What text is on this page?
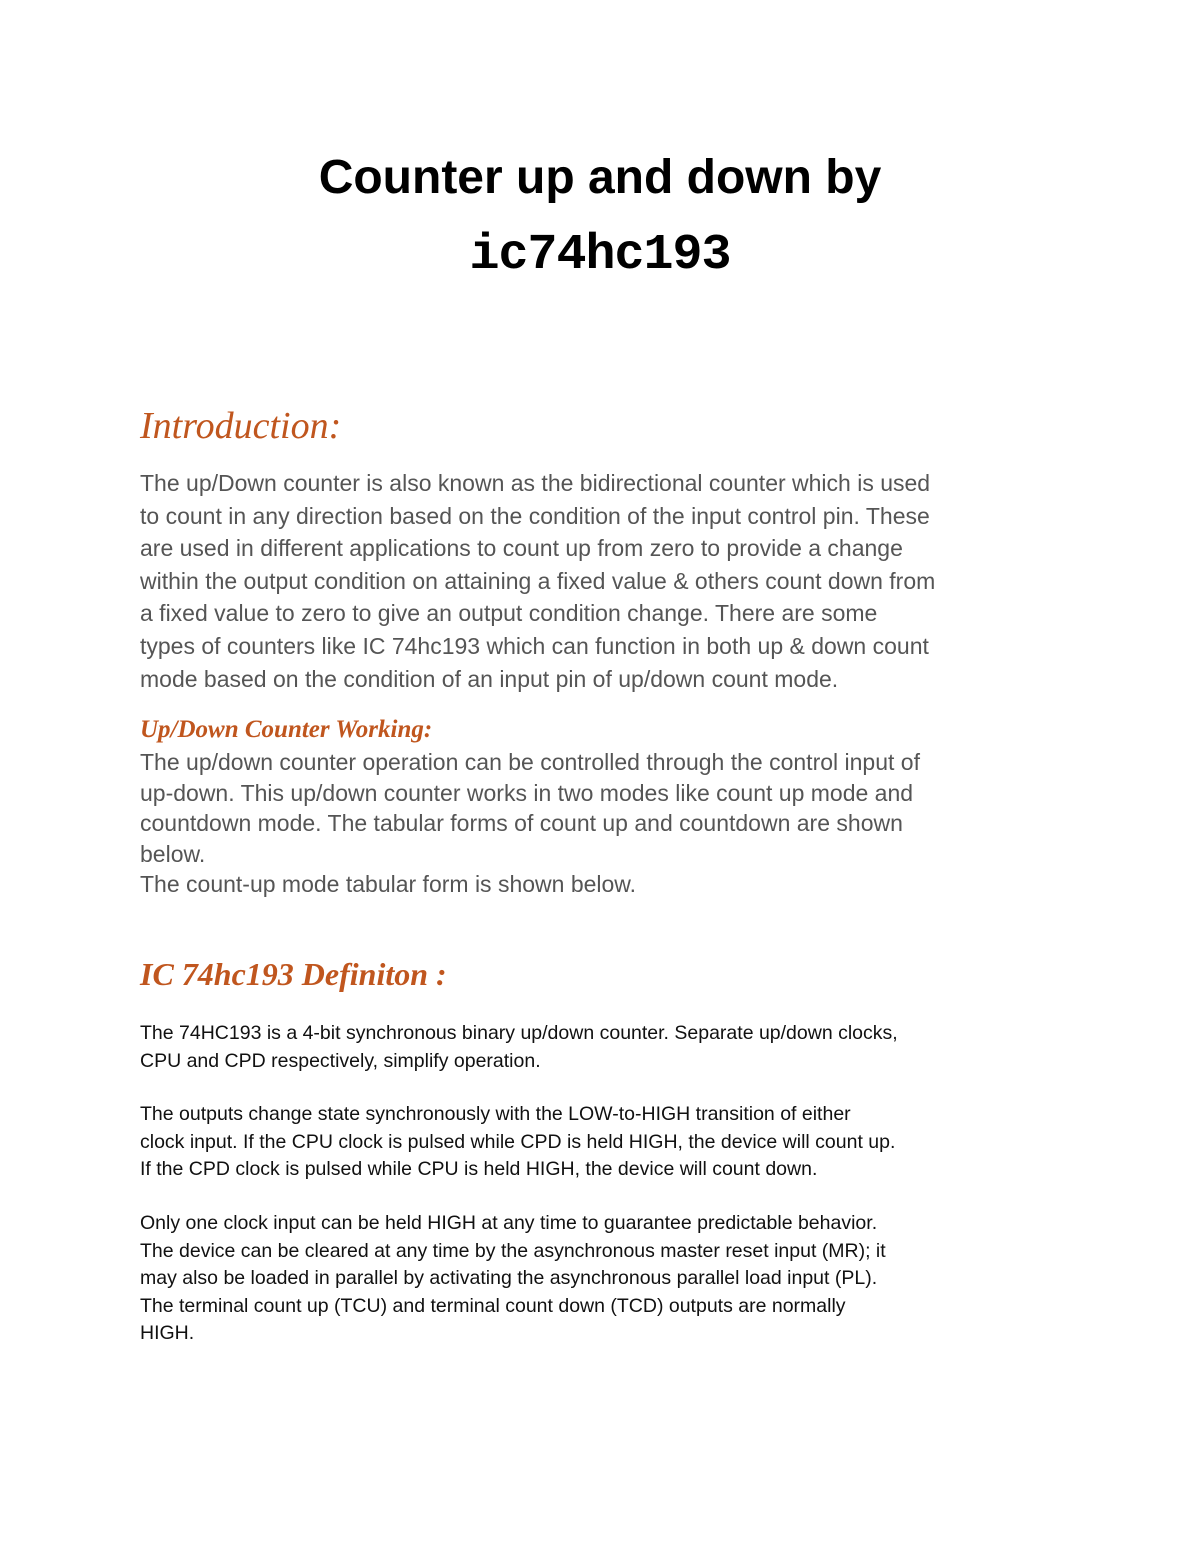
Counter up and down by
ic74hc193
Introduction:
The up/Down counter is also known as the bidirectional counter which is used
to count in any direction based on the condition of the input control pin. These
are used in different applications to count up from zero to provide a change
within the output condition on attaining a fixed value & others count down from
a fixed value to zero to give an output condition change. There are some
types of counters like IC 74hc193 which can function in both up & down count
mode based on the condition of an input pin of up/down count mode.
Up/Down Counter Working:
The up/down counter operation can be controlled through the control input of
up-down. This up/down counter works in two modes like count up mode and
countdown mode. The tabular forms of count up and countdown are shown
below.
The count-up mode tabular form is shown below.
IC 74hc193 Definiton :
The 74HC193 is a 4-bit synchronous binary up/down counter. Separate up/down clocks,
CPU and CPD respectively, simplify operation.
The outputs change state synchronously with the LOW-to-HIGH transition of either
clock input. If the CPU clock is pulsed while CPD is held HIGH, the device will count up.
If the CPD clock is pulsed while CPU is held HIGH, the device will count down.
Only one clock input can be held HIGH at any time to guarantee predictable behavior.
The device can be cleared at any time by the asynchronous master reset input (MR); it
may also be loaded in parallel by activating the asynchronous parallel load input (PL).
The terminal count up (TCU) and terminal count down (TCD) outputs are normally
HIGH.
